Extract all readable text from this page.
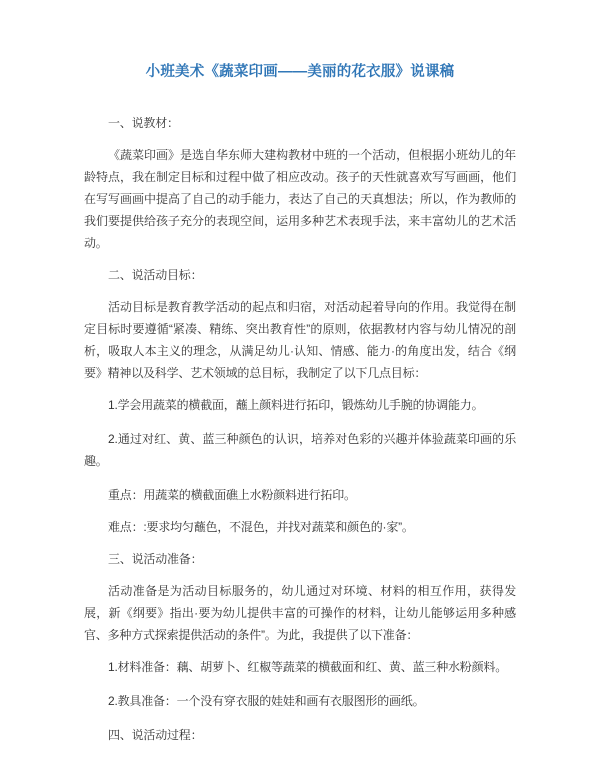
小班美术《蔬菜印画——美丽的花衣服》说课稿

一、说教材：

《蔬菜印画》是选自华东师大建构教材中班的一个活动，但根据小班幼儿的年龄特点，我在制定目标和过程中做了相应改动。孩子的天性就喜欢写写画画，他们在写写画画中提高了自己的动手能力，表达了自己的天真想法；所以，作为教师的我们要提供给孩子充分的表现空间，运用多种艺术表现手法，来丰富幼儿的艺术活动。

二、说活动目标：

活动目标是教育教学活动的起点和归宿，对活动起着导向的作用。我觉得在制定目标时要遵循“紧凑、精练、突出教育性”的原则，依据教材内容与幼儿情况的剖析，吸取人本主义的理念，从满足幼儿·认知、情感、能力·的角度出发，结合《纲要》精神以及科学、艺术领域的总目标，我制定了以下几点目标：

1.学会用蔬菜的横截面，蘸上颜料进行拓印，锻炼幼儿手腕的协调能力。

2.通过对红、黄、蓝三种颜色的认识，培养对色彩的兴趣并体验蔬菜印画的乐趣。

重点：用蔬菜的横截面礁上水粉颜料进行拓印。

难点：:要求均匀蘸色，不混色，并找对蔬菜和颜色的·家”。

三、说活动准备：

活动准备是为活动目标服务的，幼儿通过对环境、材料的相互作用，获得发展，新《纲要》指出·要为幼儿提供丰富的可操作的材料，让幼儿能够运用多种感官、多种方式探索提供活动的条件”。为此，我提供了以下准备：

1.材料准备：藕、胡萝卜、红椒等蔬菜的横截面和红、黄、蓝三种水粉颜料。

2.教具准备：一个没有穿衣服的娃娃和画有衣服图形的画纸。

四、说活动过程：
